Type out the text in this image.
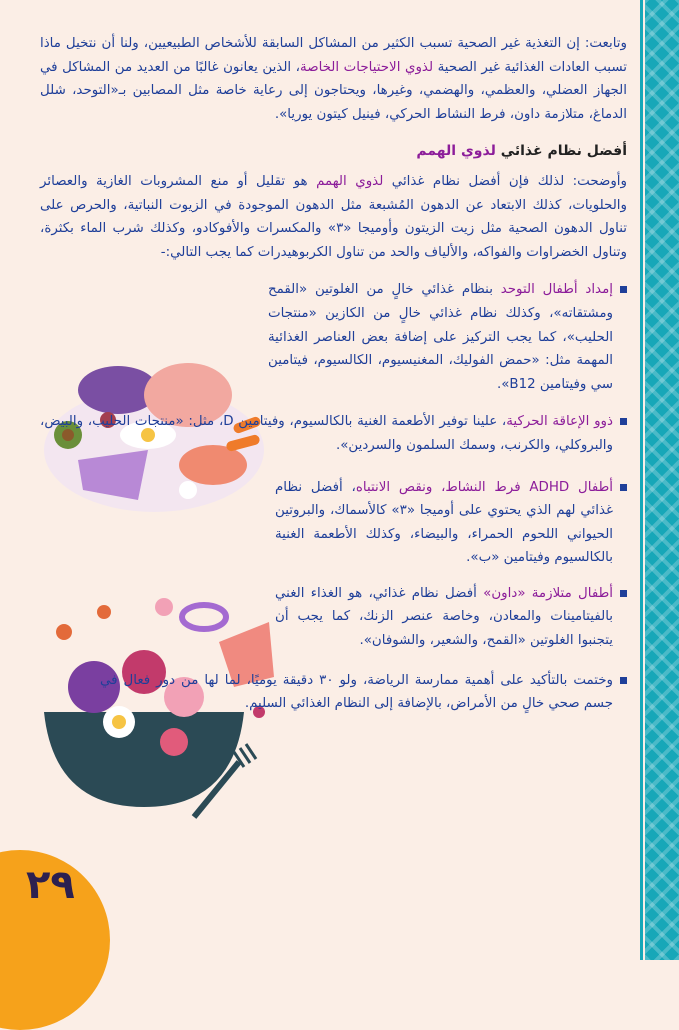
٢٩

وتابعت: إن التغذية غير الصحية تسبب الكثير من المشاكل السابقة للأشخاص الطبيعيين، ولنا أن نتخيل ماذا تسبب العادات الغذائية غير الصحية لذوي الاحتياجات الخاصة، الذين يعانون غالبًا من العديد من المشاكل في الجهاز العضلي، والعظمي، والهضمي، وغيرها، ويحتاجون إلى رعاية خاصة مثل المصابين بـ«التوحد، شلل الدماغ، متلازمة داون، فرط النشاط الحركي، فينيل كيتون يوريا».

أفضل نظام غذائي لذوي الهمم

وأوضحت: لذلك فإن أفضل نظام غذائي لذوي الهمم هو تقليل أو منع المشروبات الغازية والعصائر والحلويات، كذلك الابتعاد عن الدهون المُشبعة مثل الدهون الموجودة في الزيوت النباتية، والحرص على تناول الدهون الصحية مثل زيت الزيتون وأوميجا «٣» والمكسرات والأفوكادو، وكذلك شرب الماء بكثرة، وتناول الخضراوات والفواكه، والألياف والحد من تناول الكربوهيدرات كما يجب التالي:-

إمداد أطفال التوحد بنظام غذائي خالٍ من الغلوتين «القمح ومشتقاته»، وكذلك نظام غذائي خالٍ من الكازين «منتجات الحليب»، كما يجب التركيز على إضافة بعض العناصر الغذائية المهمة مثل: «حمض الفوليك، المغنيسيوم، الكالسيوم، فيتامين سي وفيتامين B12».
ذوو الإعاقة الحركية، علينا توفير الأطعمة الغنية بالكالسيوم، وفيتامين D، مثل: «منتجات الحليب، والبيض، والبروكلي، والكرنب، وسمك السلمون والسردين».
أطفال ADHD فرط النشاط، ونقص الانتباه، أفضل نظام غذائي لهم الذي يحتوي على أوميجا «٣» كالأسماك، والبروتين الحيواني اللحوم الحمراء، والبيضاء، وكذلك الأطعمة الغنية بالكالسيوم وفيتامين «ب».
أطفال متلازمة «داون» أفضل نظام غذائي، هو الغذاء الغني بالفيتامينات والمعادن، وخاصة عنصر الزنك، كما يجب أن يتجنبوا الغلوتين «القمح، والشعير، والشوفان».
وختمت بالتأكيد على أهمية ممارسة الرياضة، ولو ٣٠ دقيقة يوميًا، لما لها من دور فعال في جسم صحي خالٍ من الأمراض، بالإضافة إلى النظام الغذائي السليم.
